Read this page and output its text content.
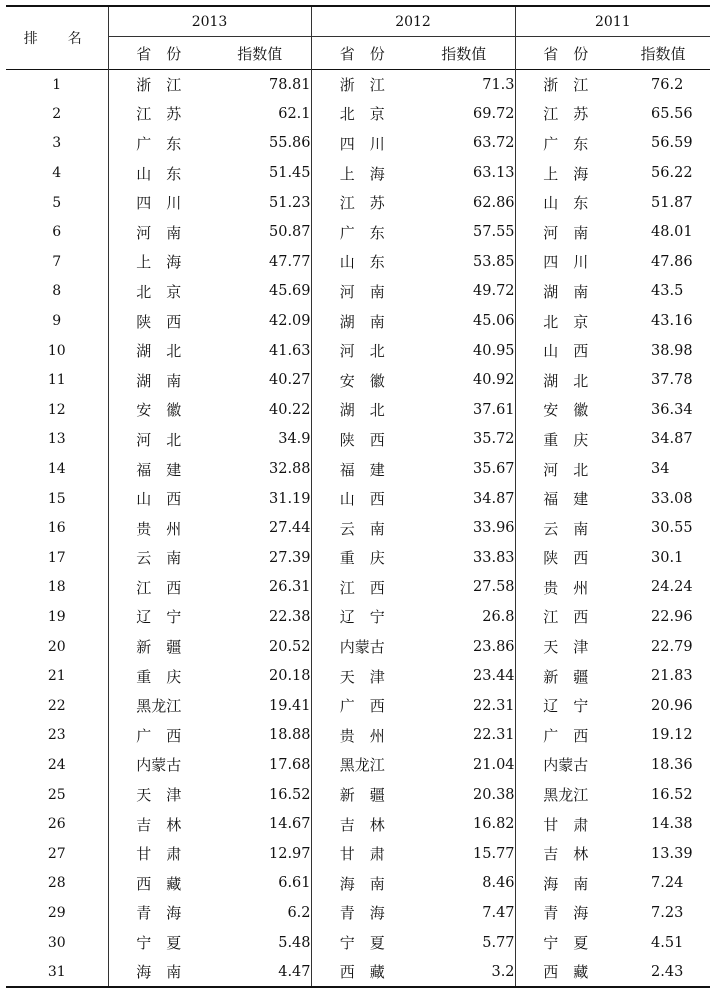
排　名	2013		2012		2011	
	省　份	指数值	省　份	指数值	省　份	指数值
1	浙　江	78.81	浙　江	71.3	浙　江	76.2
2	江　苏	62.1	北　京	69.72	江　苏	65.56
3	广　东	55.86	四　川	63.72	广　东	56.59
4	山　东	51.45	上　海	63.13	上　海	56.22
5	四　川	51.23	江　苏	62.86	山　东	51.87
6	河　南	50.87	广　东	57.55	河　南	48.01
7	上　海	47.77	山　东	53.85	四　川	47.86
8	北　京	45.69	河　南	49.72	湖　南	43.5
9	陕　西	42.09	湖　南	45.06	北　京	43.16
10	湖　北	41.63	河　北	40.95	山　西	38.98
11	湖　南	40.27	安　徽	40.92	湖　北	37.78
12	安　徽	40.22	湖　北	37.61	安　徽	36.34
13	河　北	34.9	陕　西	35.72	重　庆	34.87
14	福　建	32.88	福　建	35.67	河　北	34
15	山　西	31.19	山　西	34.87	福　建	33.08
16	贵　州	27.44	云　南	33.96	云　南	30.55
17	云　南	27.39	重　庆	33.83	陕　西	30.1
18	江　西	26.31	江　西	27.58	贵　州	24.24
19	辽　宁	22.38	辽　宁	26.8	江　西	22.96
20	新　疆	20.52	内蒙古	23.86	天　津	22.79
21	重　庆	20.18	天　津	23.44	新　疆	21.83
22	黑龙江	19.41	广　西	22.31	辽　宁	20.96
23	广　西	18.88	贵　州	22.31	广　西	19.12
24	内蒙古	17.68	黑龙江	21.04	内蒙古	18.36
25	天　津	16.52	新　疆	20.38	黑龙江	16.52
26	吉　林	14.67	吉　林	16.82	甘　肃	14.38
27	甘　肃	12.97	甘　肃	15.77	吉　林	13.39
28	西　藏	6.61	海　南	8.46	海　南	7.24
29	青　海	6.2	青　海	7.47	青　海	7.23
30	宁　夏	5.48	宁　夏	5.77	宁　夏	4.51
31	海　南	4.47	西　藏	3.2	西　藏	2.43
